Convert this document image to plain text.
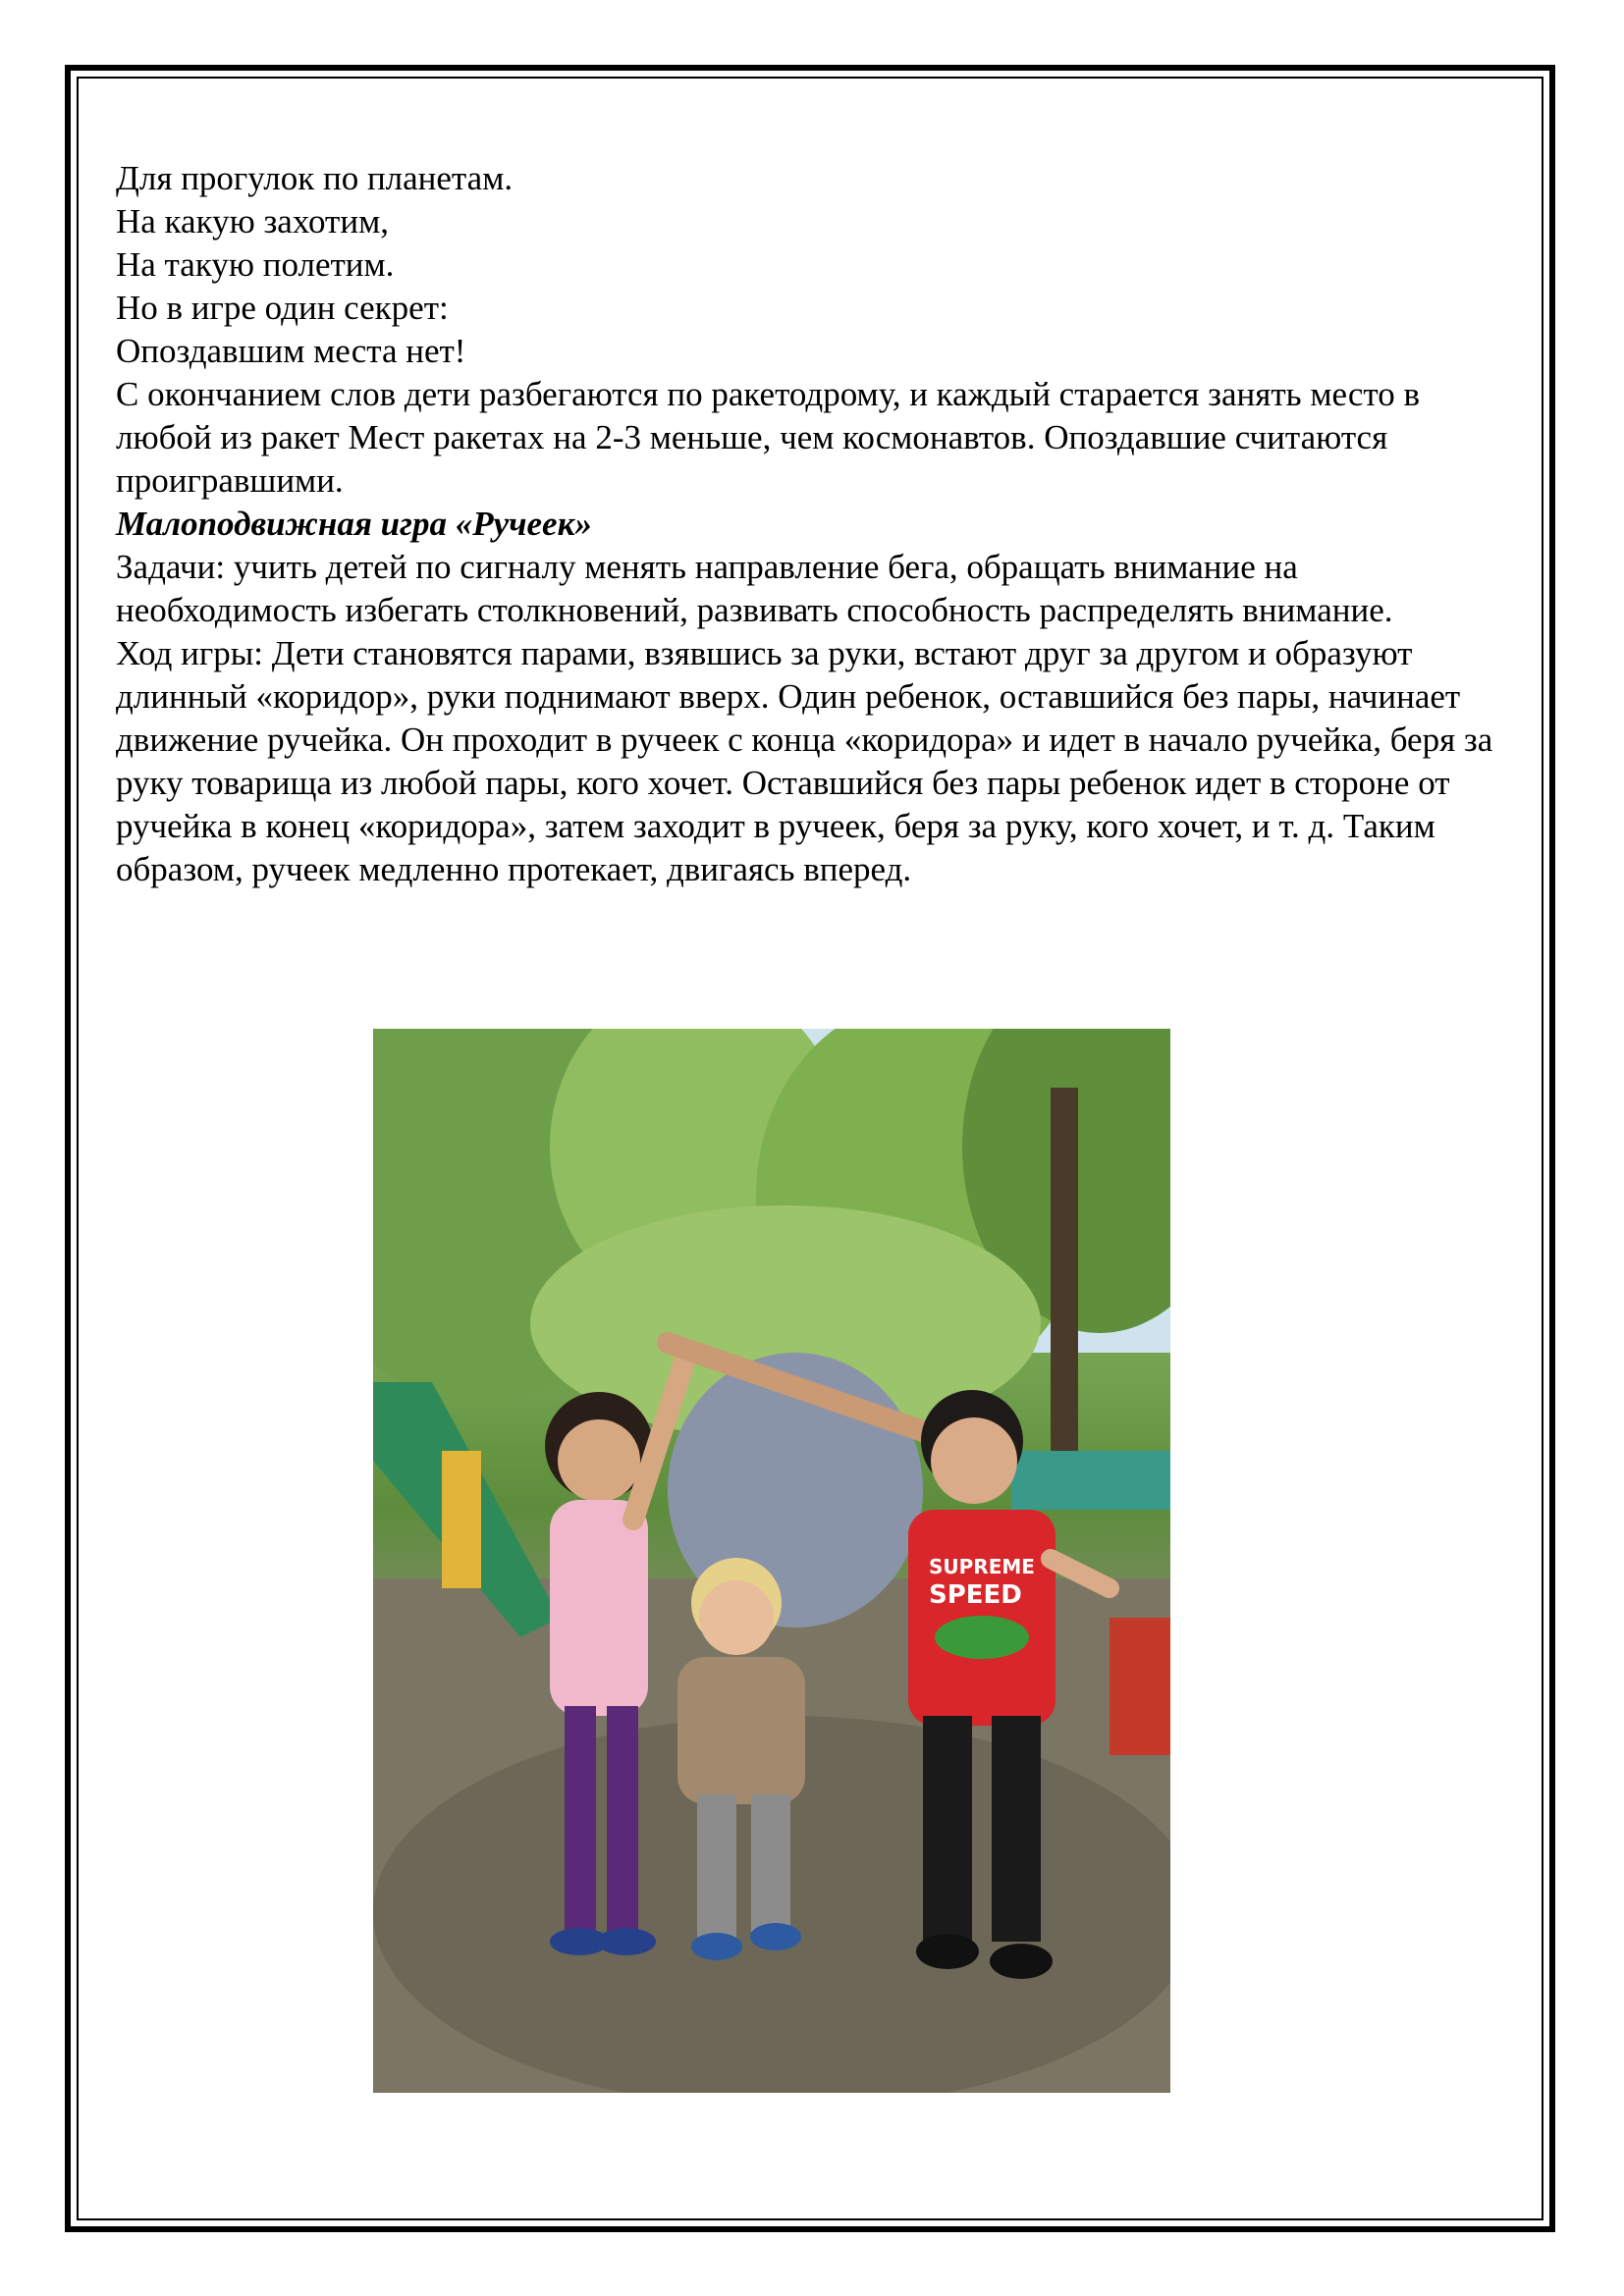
Для прогулок по планетам.
На какую захотим,
На такую полетим.
Но в игре один секрет:
Опоздавшим места нет!

С окончанием слов дети разбегаются по ракетодрому, и каждый старается занять место в любой из ракет Мест ракетах на 2-3 меньше, чем космонавтов. Опоздавшие считаются проигравшими.

Малоподвижная игра «Ручеек»

Задачи: учить детей по сигналу менять направление бега, обращать внимание на необходимость избегать столкновений, развивать способность распределять внимание.

Ход игры: Дети становятся парами, взявшись за руки, встают друг за другом и образуют длинный «коридор», руки поднимают вверх. Один ребенок, оставшийся без пары, начинает движение ручейка. Он проходит в ручеек с конца «коридора» и идет в начало ручейка, беря за руку товарища из любой пары, кого хочет. Оставшийся без пары ребенок идет в стороне от ручейка в конец «коридора», затем заходит в ручеек, беря за руку, кого хочет, и т. д. Таким образом, ручеек медленно протекает, двигаясь вперед.

SUPREME
SPEED
